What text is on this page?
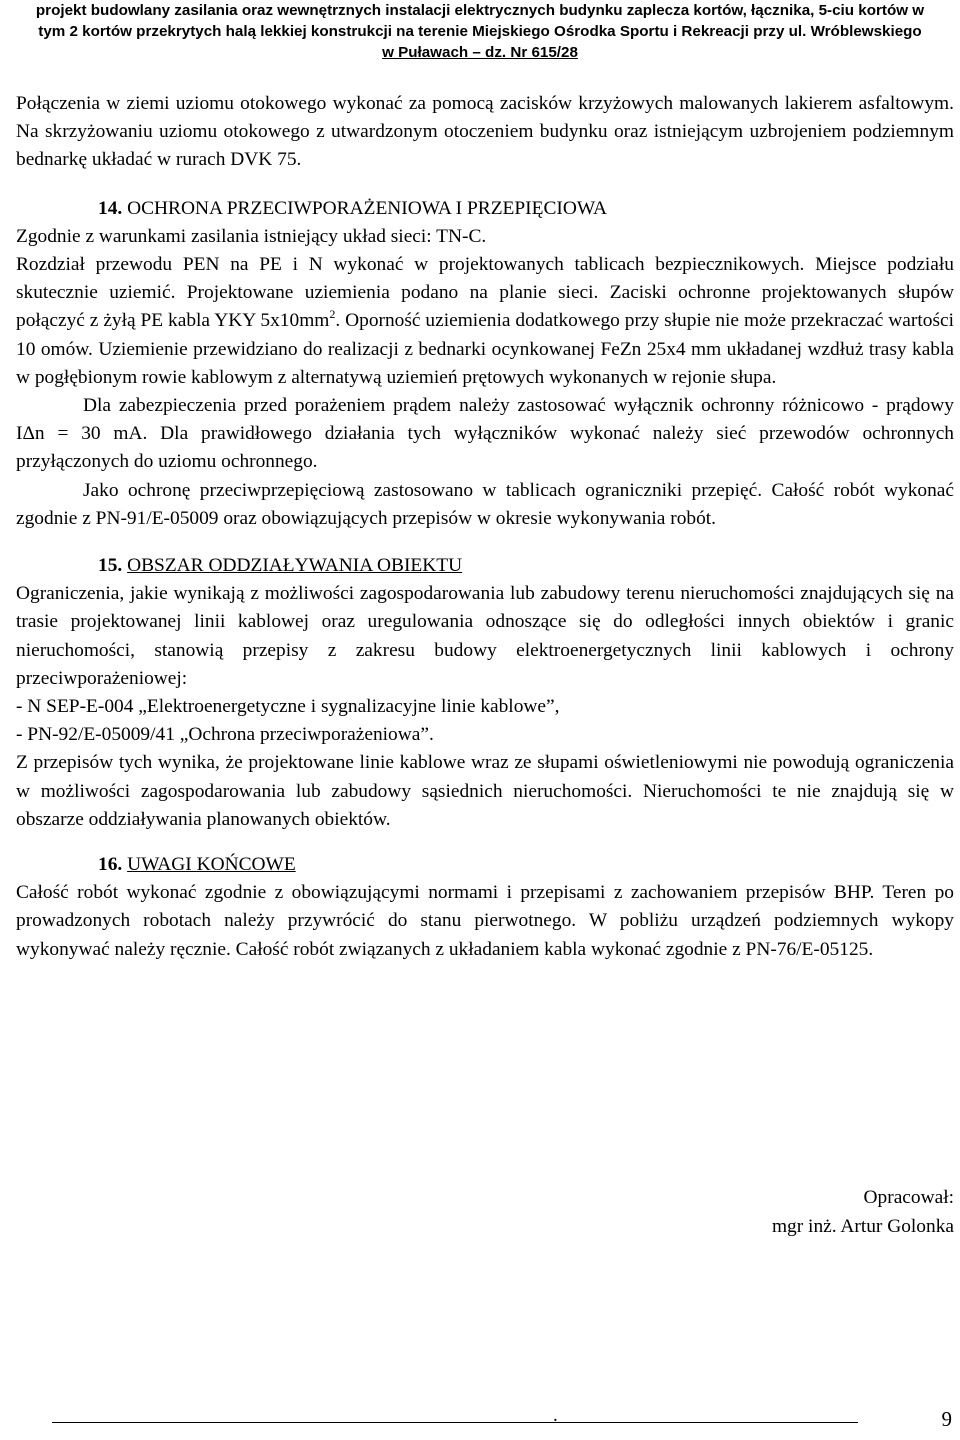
projekt budowlany zasilania oraz wewnętrznych instalacji elektrycznych budynku zaplecza kortów, łącznika, 5-ciu kortów w
tym 2 kortów przekrytych halą lekkiej konstrukcji na terenie Miejskiego Ośrodka Sportu i Rekreacji przy ul. Wróblewskiego
w Puławach – dz. Nr 615/28

Połączenia w ziemi uziomu otokowego wykonać za pomocą zacisków krzyżowych malowanych lakierem asfaltowym. Na skrzyżowaniu uziomu otokowego z utwardzonym otoczeniem budynku oraz istniejącym uzbrojeniem podziemnym bednarkę układać w rurach DVK 75.

14. OCHRONA PRZECIWPORAŻENIOWA I PRZEPIĘCIOWA

Zgodnie z warunkami zasilania istniejący układ sieci: TN-C.

Rozdział przewodu PEN na PE i N wykonać w projektowanych tablicach bezpiecznikowych. Miejsce podziału skutecznie uziemić. Projektowane uziemienia podano na planie sieci. Zaciski ochronne projektowanych słupów połączyć z żyłą PE kabla YKY $5x10mm^2$. Oporność uziemienia dodatkowego przy słupie nie może przekraczać wartości 10 omów. Uziemienie przewidziano do realizacji z bednarki ocynkowanej FeZn 25x4 mm układanej wzdłuż trasy kabla w pogłębionym rowie kablowym z alternatywą uziemień prętowych wykonanych w rejonie słupa.

Dla zabezpieczenia przed porażeniem prądem należy zastosować wyłącznik ochronny różnicowo - prądowy IΔn = 30 mA. Dla prawidłowego działania tych wyłączników wykonać należy sieć przewodów ochronnych przyłączonych do uziomu ochronnego.

Jako ochronę przeciwprzepięciową zastosowano w tablicach ograniczniki przepięć. Całość robót wykonać zgodnie z PN-91/E-05009 oraz obowiązujących przepisów w okresie wykonywania robót.

15. OBSZAR ODDZIAŁYWANIA OBIEKTU

Ograniczenia, jakie wynikają z możliwości zagospodarowania lub zabudowy terenu nieruchomości znajdujących się na trasie projektowanej linii kablowej oraz uregulowania odnoszące się do odległości innych obiektów i granic nieruchomości, stanowią przepisy z zakresu budowy elektroenergetycznych linii kablowych i ochrony przeciwporażeniowej:

- N SEP-E-004 „Elektroenergetyczne i sygnalizacyjne linie kablowe”,

- PN-92/E-05009/41 „Ochrona przeciwporażeniowa”.

Z przepisów tych wynika, że projektowane linie kablowe wraz ze słupami oświetleniowymi nie powodują ograniczenia w możliwości zagospodarowania lub zabudowy sąsiednich nieruchomości. Nieruchomości te nie znajdują się w obszarze oddziaływania planowanych obiektów.

16. UWAGI KOŃCOWE

Całość robót wykonać zgodnie z obowiązującymi normami i przepisami z zachowaniem przepisów BHP. Teren po prowadzonych robotach należy przywrócić do stanu pierwotnego. W pobliżu urządzeń podziemnych wykopy wykonywać należy ręcznie. Całość robót związanych z układaniem kabla wykonać zgodnie z PN-76/E-05125.

Opracował:
mgr inż. Artur Golonka
.	9
